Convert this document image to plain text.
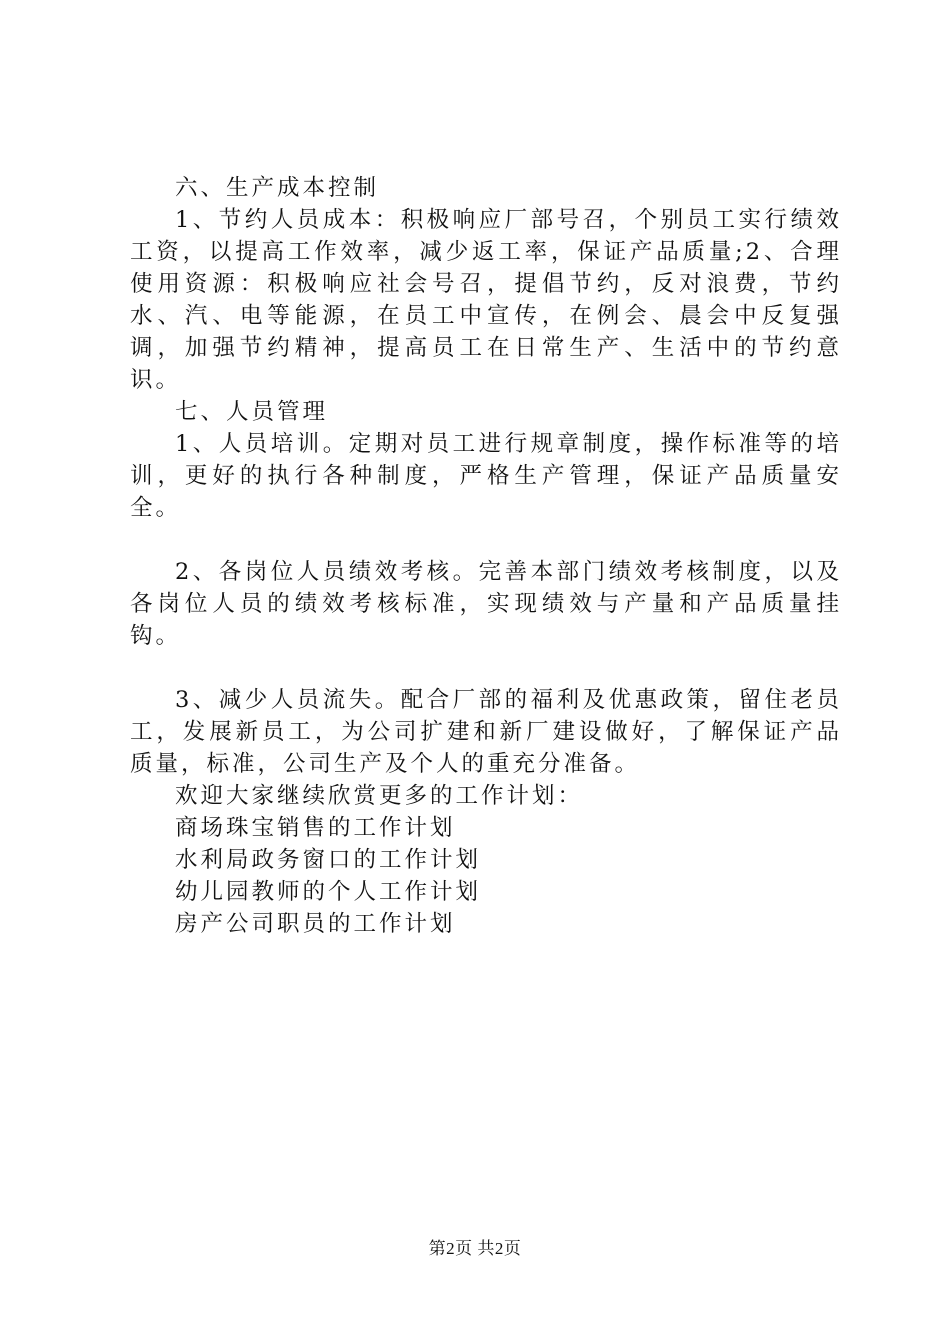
六、生产成本控制

1、节约人员成本：积极响应厂部号召，个别员工实行绩效工资，以提高工作效率，减少返工率，保证产品质量;2、合理使用资源：积极响应社会号召，提倡节约，反对浪费，节约水、汽、电等能源，在员工中宣传，在例会、晨会中反复强调，加强节约精神，提高员工在日常生产、生活中的节约意识。

七、人员管理

1、人员培训。定期对员工进行规章制度，操作标准等的培训，更好的执行各种制度，严格生产管理，保证产品质量安全。

2、各岗位人员绩效考核。完善本部门绩效考核制度，以及各岗位人员的绩效考核标准，实现绩效与产量和产品质量挂钩。

3、减少人员流失。配合厂部的福利及优惠政策，留住老员工，发展新员工，为公司扩建和新厂建设做好，了解保证产品质量，标准，公司生产及个人的重充分准备。

欢迎大家继续欣赏更多的工作计划：

商场珠宝销售的工作计划
水利局政务窗口的工作计划
幼儿园教师的个人工作计划
房产公司职员的工作计划
第2页 共2页
